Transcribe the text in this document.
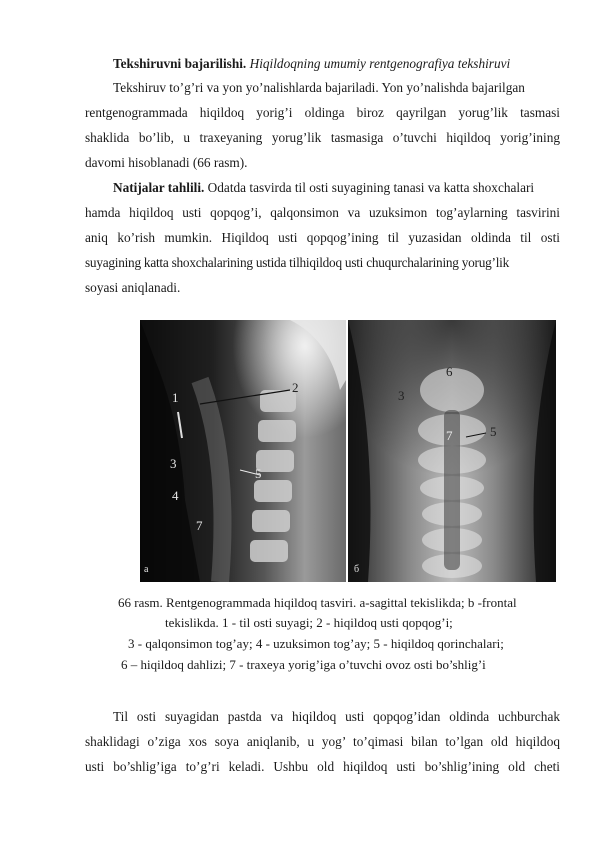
Tekshiruvni bajarilishi. Hiqildoqning umumiy rentgenografiya tekshiruvi
Tekshiruv to’g’ri va yon yo’nalishlarda bajariladi. Yon yo’nalishda bajarilgan
rentgenogrammada hiqildoq yorig’i oldinga biroz qayrilgan yorug’lik tasmasi
shaklida bo’lib, u traxeyaning yorug’lik tasmasiga o’tuvchi hiqildoq yorig’ining
davomi hisoblanadi (66 rasm).
Natijalar tahlili. Odatda tasvirda til osti suyagining tanasi va katta shoxchalari
hamda hiqildoq usti qopqog’i, qalqonsimon va uzuksimon tog’aylarning tasvirini
aniq ko’rish mumkin. Hiqildoq usti qopqog’ining til yuzasidan oldinda til osti
suyagining katta shoxchalarining ustida tilhiqildoq usti chuqurchalarining yorug’lik
soyasi aniqlanadi.
1
2
3
5
4
7
а
6
3
5
7
б
66 rasm. Rentgenogrammada hiqildoq tasviri. a-sagittal tekislikda; b -frontal
tekislikda. 1 - til osti suyagi; 2 - hiqildoq usti qopqog’i;
3 - qalqonsimon tog’ay; 4 - uzuksimon tog’ay; 5 - hiqildoq qorinchalari;
6 – hiqildoq dahlizi; 7 - traxeya yorig’iga o’tuvchi ovoz osti bo’shlig’i
Til osti suyagidan pastda va hiqildoq usti qopqog’idan oldinda uchburchak
shaklidagi o’ziga xos soya aniqlanib, u yog’ to’qimasi bilan to’lgan old hiqildoq
usti bo’shlig’iga to’g’ri keladi. Ushbu old hiqildoq usti bo’shlig’ining old cheti
